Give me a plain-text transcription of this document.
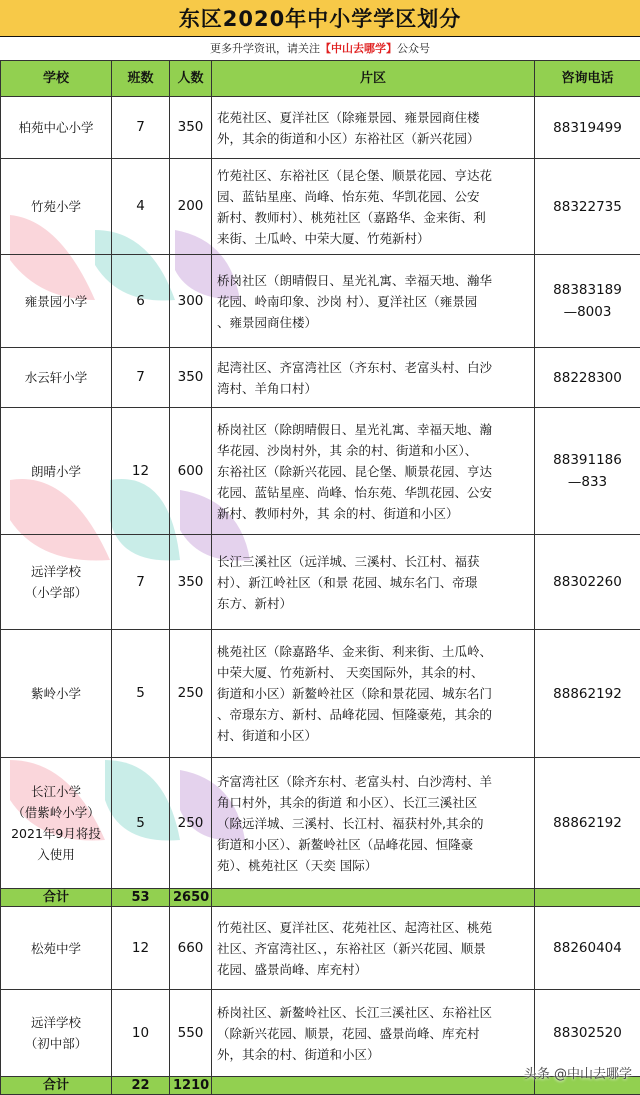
东区2020年中小学学区划分
更多升学资讯，请关注 【中山去哪学】 公众号
学校	班数	人数	片区	咨询电话
柏苑中心小学	7	350	花苑社区、夏洋社区（除雍景园、雍景园商住楼
外，其余的街道和小区）东裕社区（新兴花园）	88319499
竹苑小学	4	200	竹苑社区、东裕社区（昆仑堡、顺景花园、亨达花
园、蓝钻星座、尚峰、怡东苑、华凯花园、公安
新村、教师村）、桃苑社区（嘉路华、金来街、利
来街、土瓜岭、中荣大厦、竹苑新村）	88322735
雍景园小学	6	300	桥岗社区（朗晴假日、星光礼寓、幸福天地、瀚华
花园、岭南印象、沙岗 村）、夏洋社区（雍景园
、雍景园商住楼）	88383189
—8003
水云轩小学	7	350	起湾社区、齐富湾社区（齐东村、老富头村、白沙
湾村、羊角口村）	88228300
朗晴小学	12	600	桥岗社区（除朗晴假日、星光礼寓、幸福天地、瀚
华花园、沙岗村外，其 余的村、街道和小区）、
东裕社区（除新兴花园、昆仑堡、顺景花园、亨达
花园、蓝钻星座、尚峰、怡东苑、华凯花园、公安
新村、教师村外，其 余的村、街道和小区）	88391186
—833
远洋学校
（小学部）	7	350	长江三溪社区（远洋城、三溪村、长江村、福获
村）、新江岭社区（和景 花园、城东名门、帝璟
东方、新村）	88302260
紫岭小学	5	250	桃苑社区（除嘉路华、金来街、利来街、土瓜岭、
中荣大厦、竹苑新村、 天奕国际外，其余的村、
街道和小区）新鳌岭社区（除和景花园、城东名门
、帝璟东方、新村、品峰花园、恒隆豪苑，其余的
村、街道和小区）	88862192
长江小学
（借紫岭小学）
2021年9月将投
入使用	5	250	齐富湾社区（除齐东村、老富头村、白沙湾村、羊
角口村外，其余的街道 和小区）、长江三溪社区
（除远洋城、三溪村、长江村、福获村外,其余的
街道和小区）、新鳌岭社区（品峰花园、恒隆豪
苑）、桃苑社区（天奕 国际）	88862192
合计	53	2650		
松苑中学	12	660	竹苑社区、夏洋社区、花苑社区、起湾社区、桃苑
社区、齐富湾社区、，东裕社区（新兴花园、顺景
花园、盛景尚峰、库充村）	88260404
远洋学校
（初中部）	10	550	桥岗社区、新鳌岭社区、长江三溪社区、东裕社区
（除新兴花园、顺景，花园、盛景尚峰、库充村
外，其余的村、街道和小区）	88302520
合计	22	1210		
头条 @中山去哪学
